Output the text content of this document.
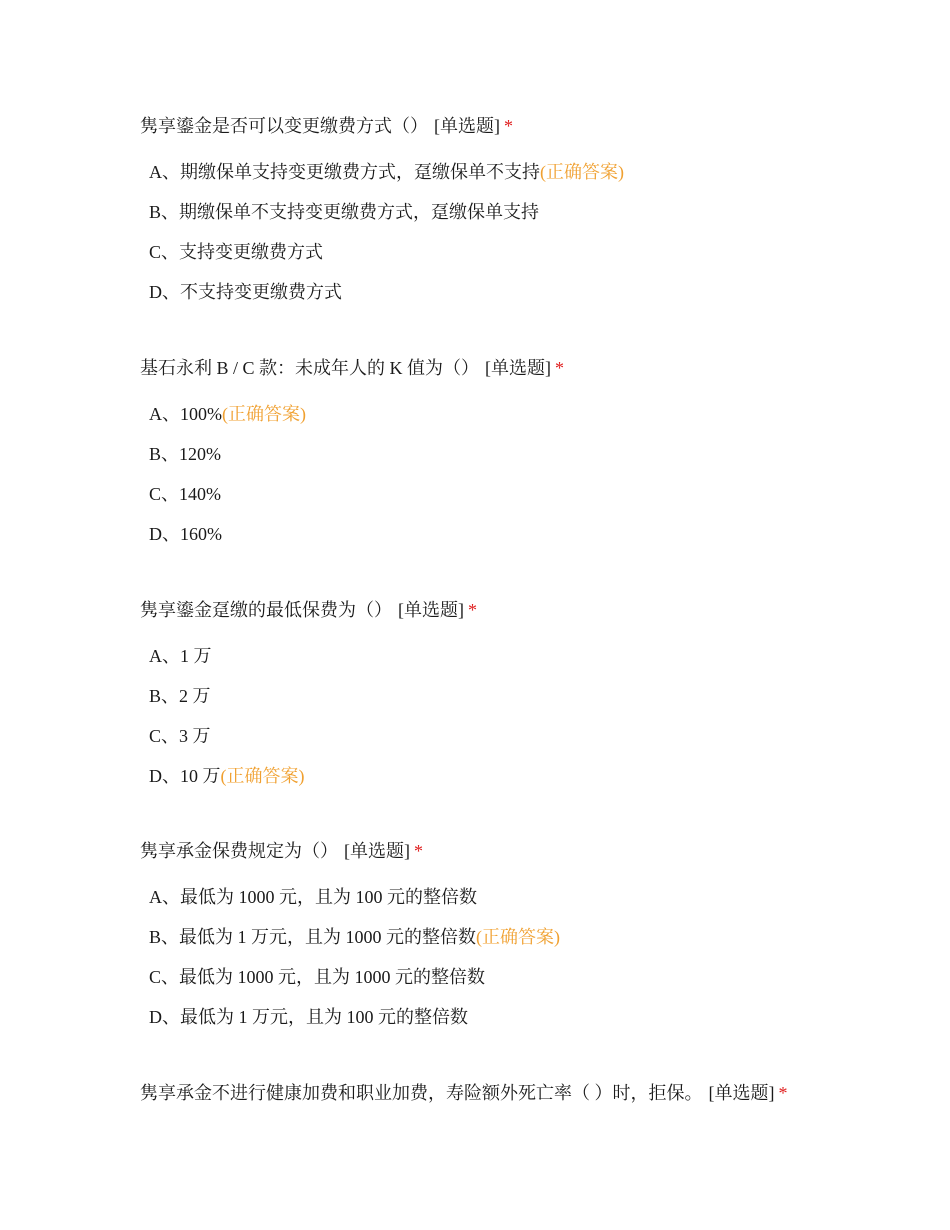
隽享鎏金是否可以变更缴费方式（） [单选题] *
A、期缴保单支持变更缴费方式，趸缴保单不支持(正确答案)
B、期缴保单不支持变更缴费方式，趸缴保单支持
C、支持变更缴费方式
D、不支持变更缴费方式
基石永利 B / C 款：未成年人的 K 值为（） [单选题] *
A、100%(正确答案)
B、120%
C、140%
D、160%
隽享鎏金趸缴的最低保费为（） [单选题] *
A、1 万
B、2 万
C、3 万
D、10 万(正确答案)
隽享承金保费规定为（） [单选题] *
A、最低为 1000 元，且为 100 元的整倍数
B、最低为 1 万元，且为 1000 元的整倍数(正确答案)
C、最低为 1000 元，且为 1000 元的整倍数
D、最低为 1 万元，且为 100 元的整倍数
隽享承金不进行健康加费和职业加费，寿险额外死亡率（ ）时，拒保。 [单选题] *
